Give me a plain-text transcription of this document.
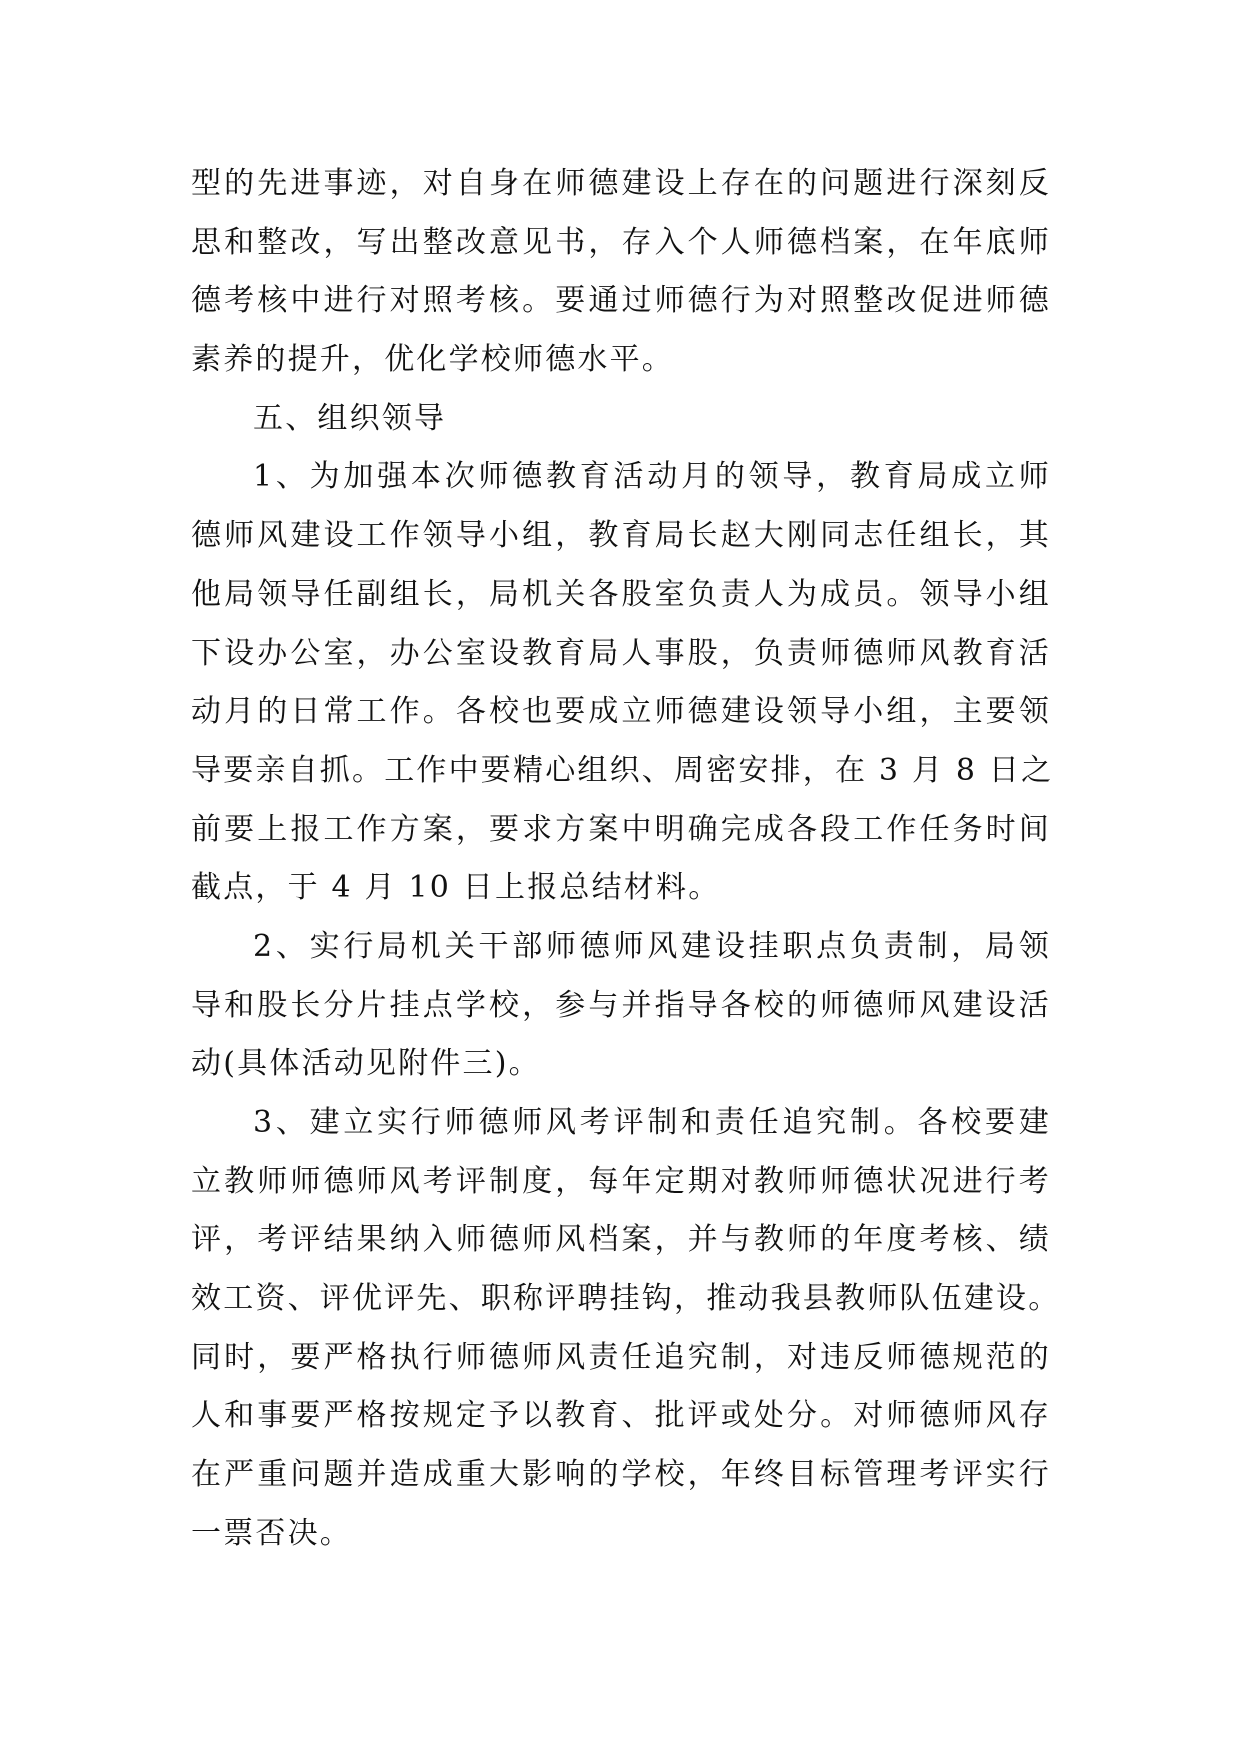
型的先进事迹，对自身在师德建设上存在的问题进行深刻反
思和整改，写出整改意见书，存入个人师德档案，在年底师
德考核中进行对照考核。要通过师德行为对照整改促进师德
素养的提升，优化学校师德水平。
五、组织领导
1、为加强本次师德教育活动月的领导，教育局成立师
德师风建设工作领导小组，教育局长赵大刚同志任组长，其
他局领导任副组长，局机关各股室负责人为成员。领导小组
下设办公室，办公室设教育局人事股，负责师德师风教育活
动月的日常工作。各校也要成立师德建设领导小组，主要领
导要亲自抓。工作中要精心组织、周密安排，在 3 月 8 日之
前要上报工作方案，要求方案中明确完成各段工作任务时间
截点，于 4 月 10 日上报总结材料。
2、实行局机关干部师德师风建设挂职点负责制，局领
导和股长分片挂点学校，参与并指导各校的师德师风建设活
动(具体活动见附件三)。
3、建立实行师德师风考评制和责任追究制。各校要建
立教师师德师风考评制度，每年定期对教师师德状况进行考
评，考评结果纳入师德师风档案，并与教师的年度考核、绩
效工资、评优评先、职称评聘挂钩，推动我县教师队伍建设。
同时，要严格执行师德师风责任追究制，对违反师德规范的
人和事要严格按规定予以教育、批评或处分。对师德师风存
在严重问题并造成重大影响的学校，年终目标管理考评实行
一票否决。
